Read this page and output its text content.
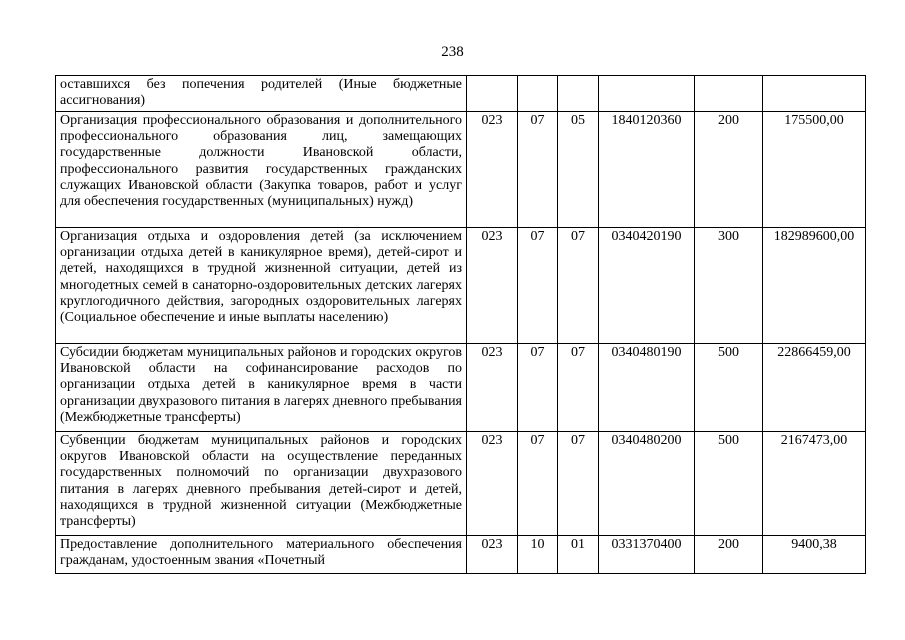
238
оставшихся без попечения родителей (Иные бюджетные ассигнования)						
Организация профессионального образования и дополнительного профессионального образования лиц, замещающих государственные должности Ивановской области, профессионального развития государственных гражданских служащих Ивановской области (Закупка товаров, работ и услуг для обеспечения государственных (муниципальных) нужд)	023	07	05	1840120360	200	175500,00
Организация отдыха и оздоровления детей (за исключением организации отдыха детей в каникулярное время), детей-сирот и детей, находящихся в трудной жизненной ситуации, детей из многодетных семей в санаторно-оздоровительных детских лагерях круглогодичного действия, загородных оздоровительных лагерях (Социальное обеспечение и иные выплаты населению)	023	07	07	0340420190	300	182989600,00
Субсидии бюджетам муниципальных районов и городских округов Ивановской области на софинансирование расходов по организации отдыха детей в каникулярное время в части организации двухразового питания в лагерях дневного пребывания (Межбюджетные трансферты)	023	07	07	0340480190	500	22866459,00
Субвенции бюджетам муниципальных районов и городских округов Ивановской области на осуществление переданных государственных полномочий по организации двухразового питания в лагерях дневного пребывания детей-сирот и детей, находящихся в трудной жизненной ситуации (Межбюджетные трансферты)	023	07	07	0340480200	500	2167473,00
Предоставление дополнительного материального обеспечения гражданам, удостоенным звания «Почетный	023	10	01	0331370400	200	9400,38
